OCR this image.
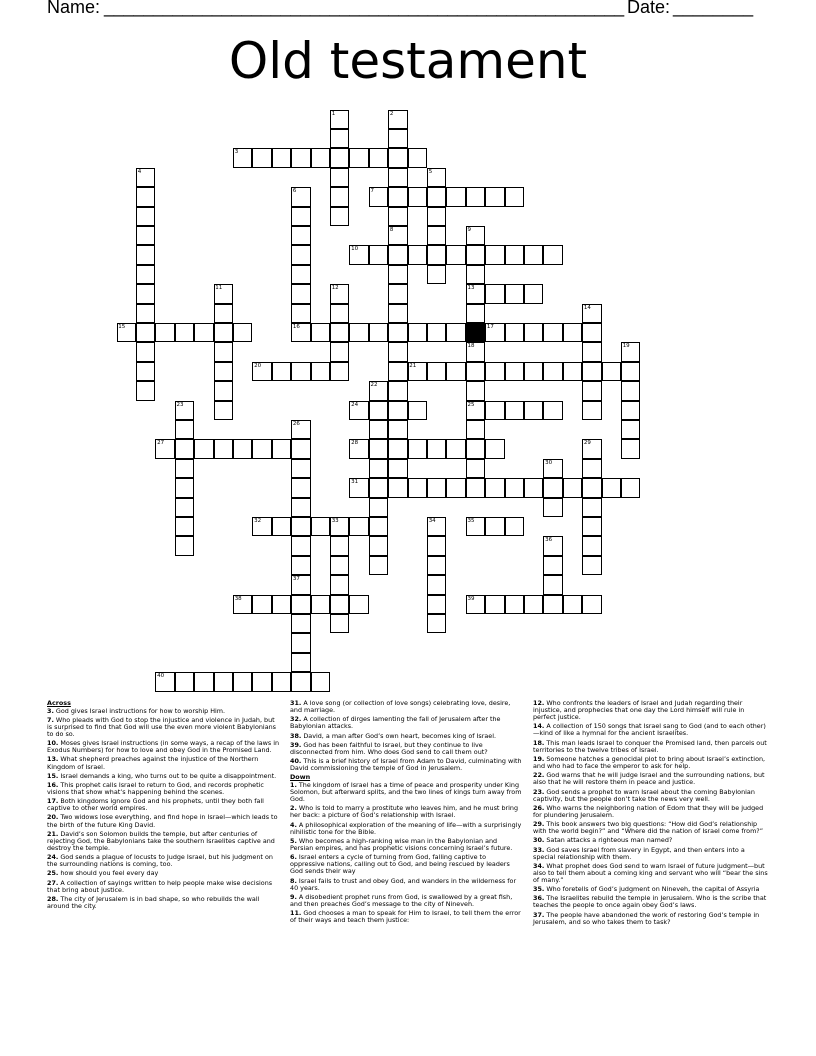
Name: _____________________________________________________ Date: ________
Old testament
1	2
3
4	5
6	7
8	9
10
11	12	13
14
15	16	17
18	19
20	21
22
23	24	25
26
27	28	29
30
31
32	33	34	35
36
37
38	39
40

Across

3. God gives Israel instructions for how to worship Him.

7. Who pleads with God to stop the injustice and violence in Judah, but is surprised to find that God will use the even more violent Babylonians to do so.

10. Moses gives Israel instructions (in some ways, a recap of the laws in Exodus Numbers) for how to love and obey God in the Promised Land.

13. What shepherd preaches against the injustice of the Northern Kingdom of Israel.

15. Israel demands a king, who turns out to be quite a disappointment.

16. This prophet calls Israel to return to God, and records prophetic visions that show what’s happening behind the scenes.

17. Both kingdoms ignore God and his prophets, until they both fall captive to other world empires.

20. Two widows lose everything, and find hope in Israel—which leads to the birth of the future King David.

21. David’s son Solomon builds the temple, but after centuries of rejecting God, the Babylonians take the southern Israelites captive and destroy the temple.

24. God sends a plague of locusts to Judge Israel, but his judgment on the surrounding nations is coming, too.

25. how should you feel every day

27. A collection of sayings written to help people make wise decisions that bring about justice.

28. The city of Jerusalem is in bad shape, so who rebuilds the wall around the city.

31. A love song (or collection of love songs) celebrating love, desire, and marriage.

32. A collection of dirges lamenting the fall of Jerusalem after the Babylonian attacks.

38. David, a man after God’s own heart, becomes king of Israel.

39. God has been faithful to Israel, but they continue to live disconnected from him. Who does God send to call them out?

40. This is a brief history of Israel from Adam to David, culminating with David commissioning the temple of God in Jerusalem.

Down

1. The kingdom of Israel has a time of peace and prosperity under King Solomon, but afterward splits, and the two lines of kings turn away from God.

2. Who is told to marry a prostitute who leaves him, and he must bring her back: a picture of God’s relationship with Israel.

4. A philosophical exploration of the meaning of life—with a surprisingly nihilistic tone for the Bible.

5. Who becomes a high-ranking wise man in the Babylonian and Persian empires, and has prophetic visions concerning Israel’s future.

6. Israel enters a cycle of turning from God, falling captive to oppressive nations, calling out to God, and being rescued by leaders God sends their way

8. Israel fails to trust and obey God, and wanders in the wilderness for 40 years.

9. A disobedient prophet runs from God, is swallowed by a great fish, and then preaches God’s message to the city of Nineveh.

11. God chooses a man to speak for Him to Israel, to tell them the error of their ways and teach them justice:

12. Who confronts the leaders of Israel and Judah regarding their injustice, and prophecies that one day the Lord himself will rule in perfect justice.

14. A collection of 150 songs that Israel sang to God (and to each other)—kind of like a hymnal for the ancient Israelites.

18. This man leads Israel to conquer the Promised land, then parcels out territories to the twelve tribes of Israel.

19. Someone hatches a genocidal plot to bring about Israel’s extinction, and who had to face the emperor to ask for help.

22. God warns that he will judge Israel and the surrounding nations, but also that he will restore them in peace and justice.

23. God sends a prophet to warn Israel about the coming Babylonian captivity, but the people don’t take the news very well.

26. Who warns the neighboring nation of Edom that they will be judged for plundering Jerusalem.

29. This book answers two big questions: “How did God’s relationship with the world begin?” and “Where did the nation of Israel come from?”

30. Satan attacks a righteous man named?

33. God saves Israel from slavery in Egypt, and then enters into a special relationship with them.

34. What prophet does God send to warn Israel of future judgment—but also to tell them about a coming king and servant who will “bear the sins of many.”

35. Who foretells of God’s judgment on Nineveh, the capital of Assyria

36. The Israelites rebuild the temple in Jerusalem. Who is the scribe that teaches the people to once again obey God’s laws.

37. The people have abandoned the work of restoring God’s temple in Jerusalem, and so who takes them to task?
